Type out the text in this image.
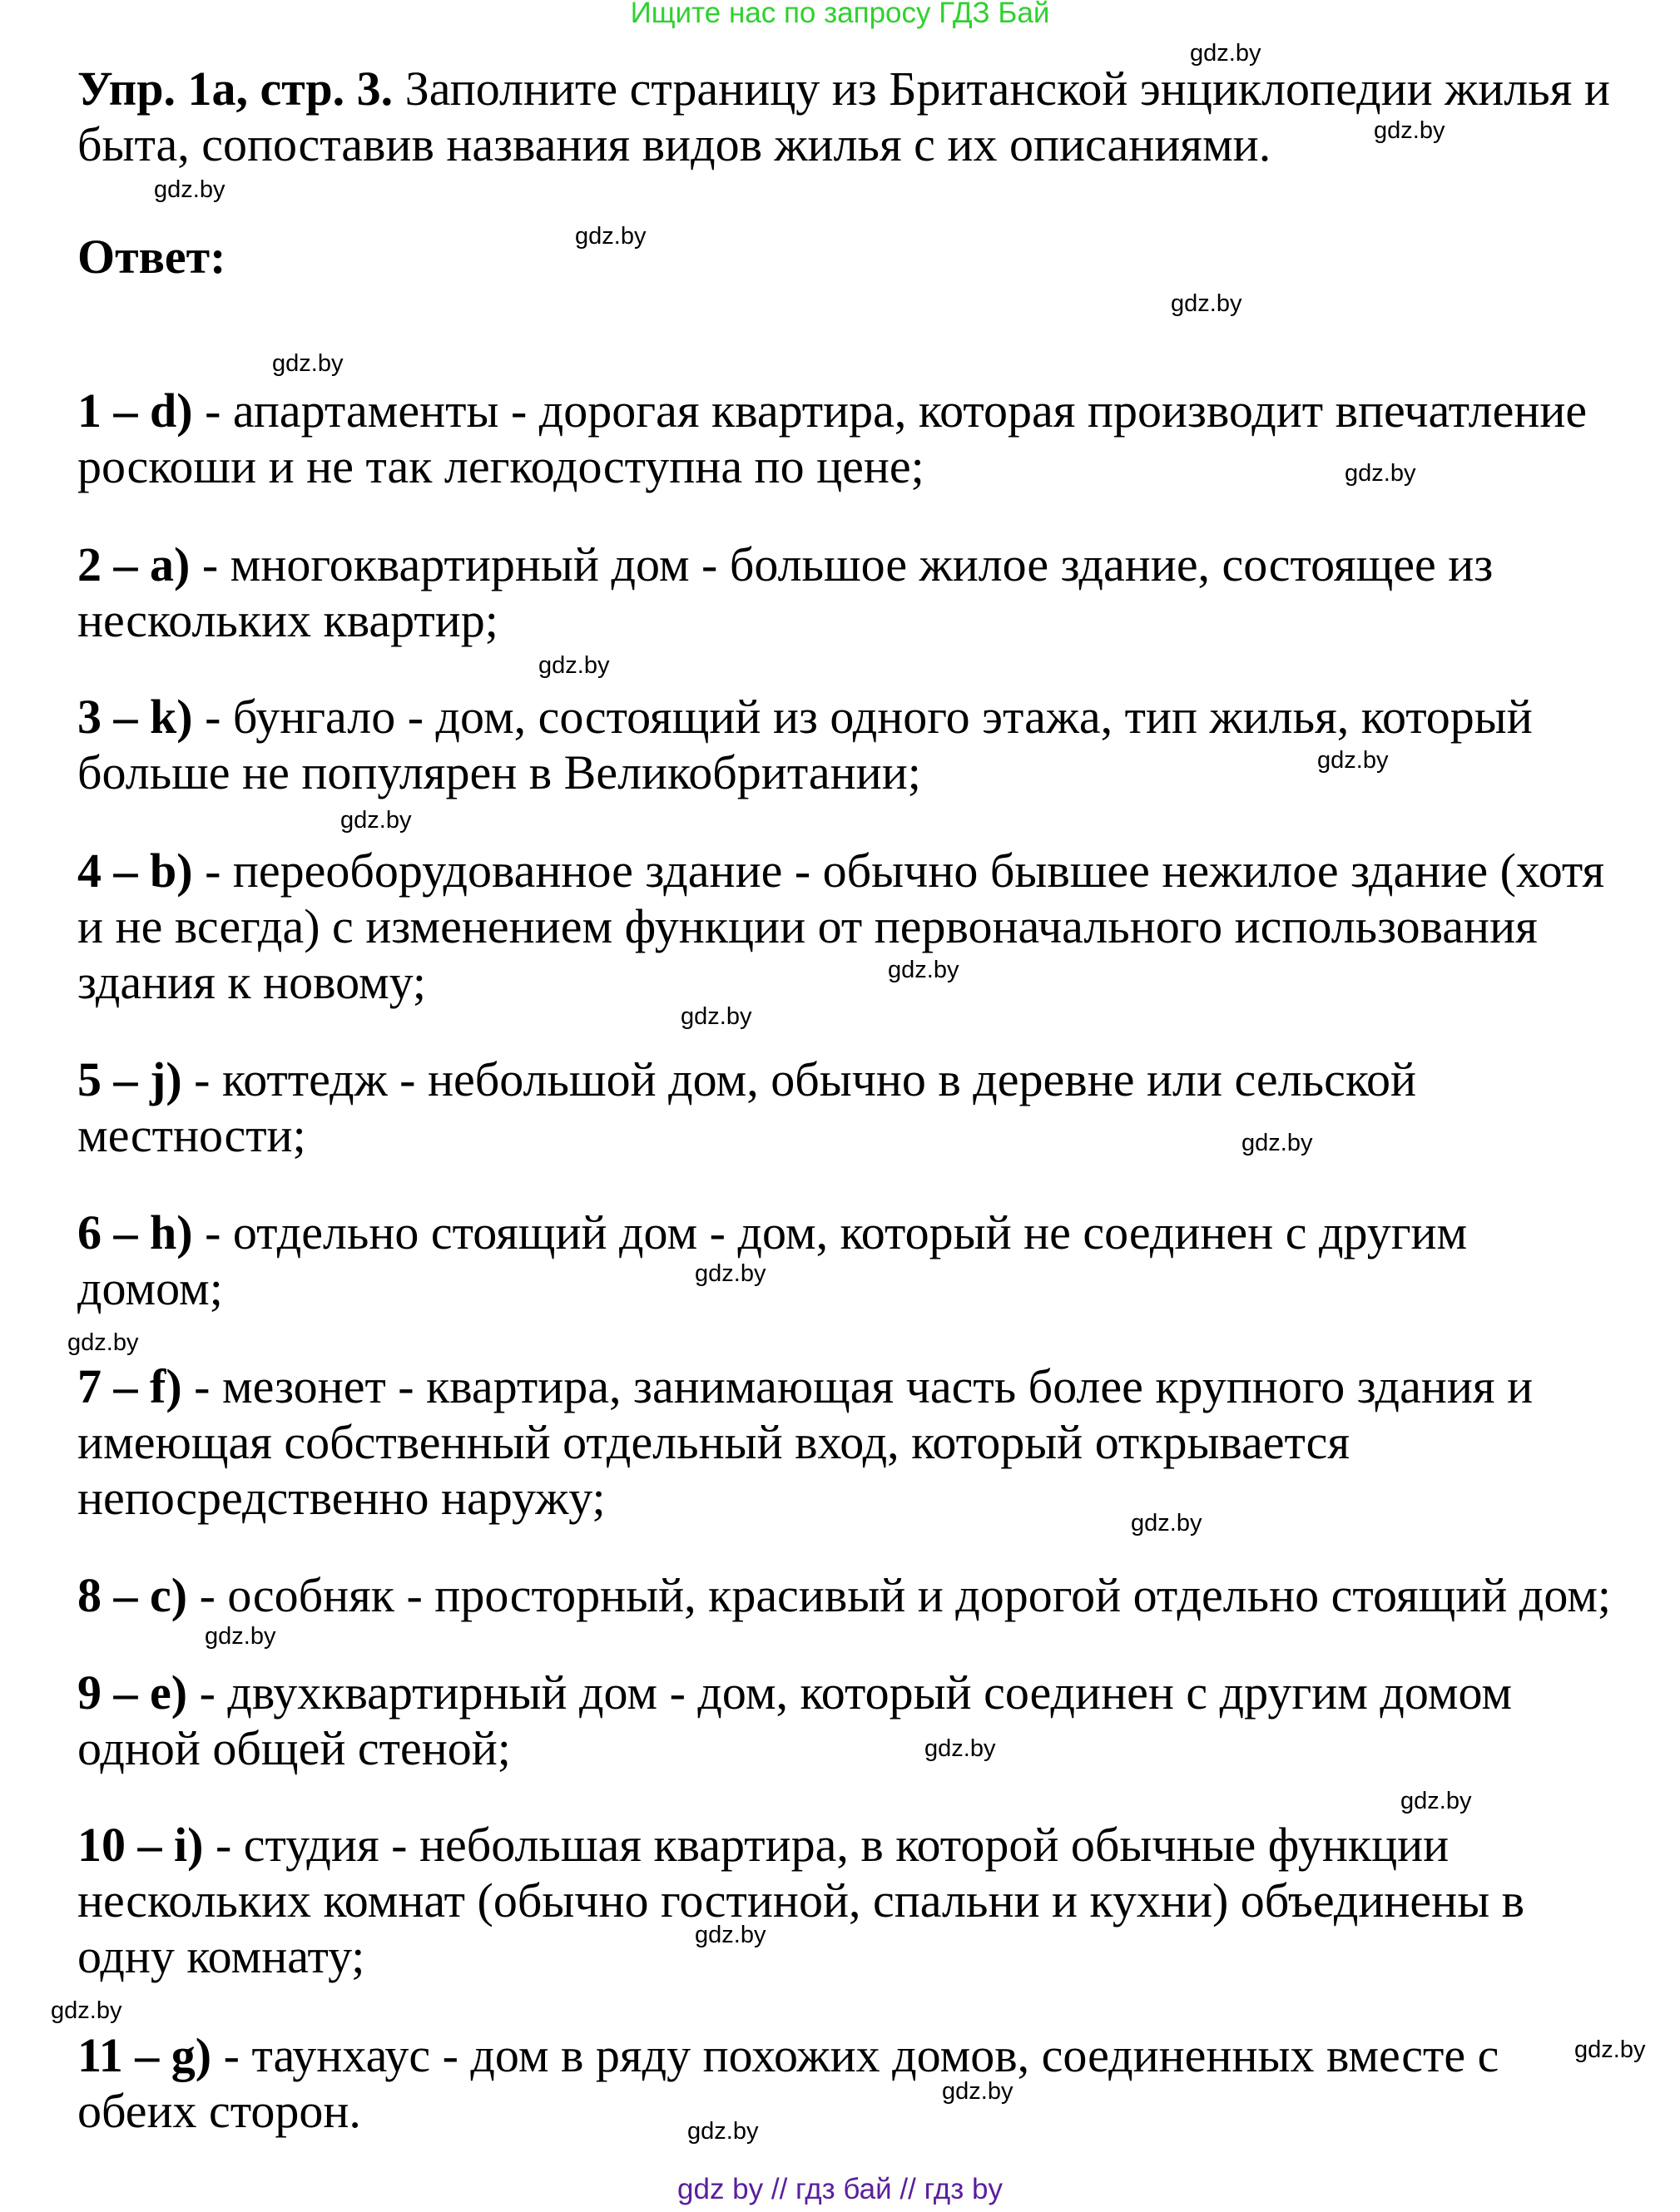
Ищите нас по запросу ГДЗ Бай
Упр. 1а, стр. 3. Заполните страницу из Британской энциклопедии жилья и
быта, сопоставив названия видов жилья с их описаниями.
Ответ:
1 – d) - апартаменты - дорогая квартира, которая производит впечатление
роскоши и не так легкодоступна по цене;
2 – a) - многоквартирный дом - большое жилое здание, состоящее из
нескольких квартир;
3 – k) - бунгало - дом, состоящий из одного этажа, тип жилья, который
больше не популярен в Великобритании;
4 – b) - переоборудованное здание - обычно бывшее нежилое здание (хотя
и не всегда) с изменением функции от первоначального использования
здания к новому;
5 – j) - коттедж - небольшой дом, обычно в деревне или сельской
местности;
6 – h) - отдельно стоящий дом - дом, который не соединен с другим
домом;
7 – f) - мезонет - квартира, занимающая часть более крупного здания и
имеющая собственный отдельный вход, который открывается
непосредственно наружу;
8 – c) - особняк - просторный, красивый и дорогой отдельно стоящий дом;
9 – e) - двухквартирный дом - дом, который соединен с другим домом
одной общей стеной;
10 – i) - студия - небольшая квартира, в которой обычные функции
нескольких комнат (обычно гостиной, спальни и кухни) объединены в
одну комнату;
11 – g) - таунхаус - дом в ряду похожих домов, соединенных вместе с
обеих сторон.
gdz.by
gdz.by
gdz.by
gdz.by
gdz.by
gdz.by
gdz.by
gdz.by
gdz.by
gdz.by
gdz.by
gdz.by
gdz.by
gdz.by
gdz.by
gdz.by
gdz.by
gdz.by
gdz.by
gdz.by
gdz.by
gdz.by
gdz.by
gdz.by
gdz by // гдз бай // гдз by
